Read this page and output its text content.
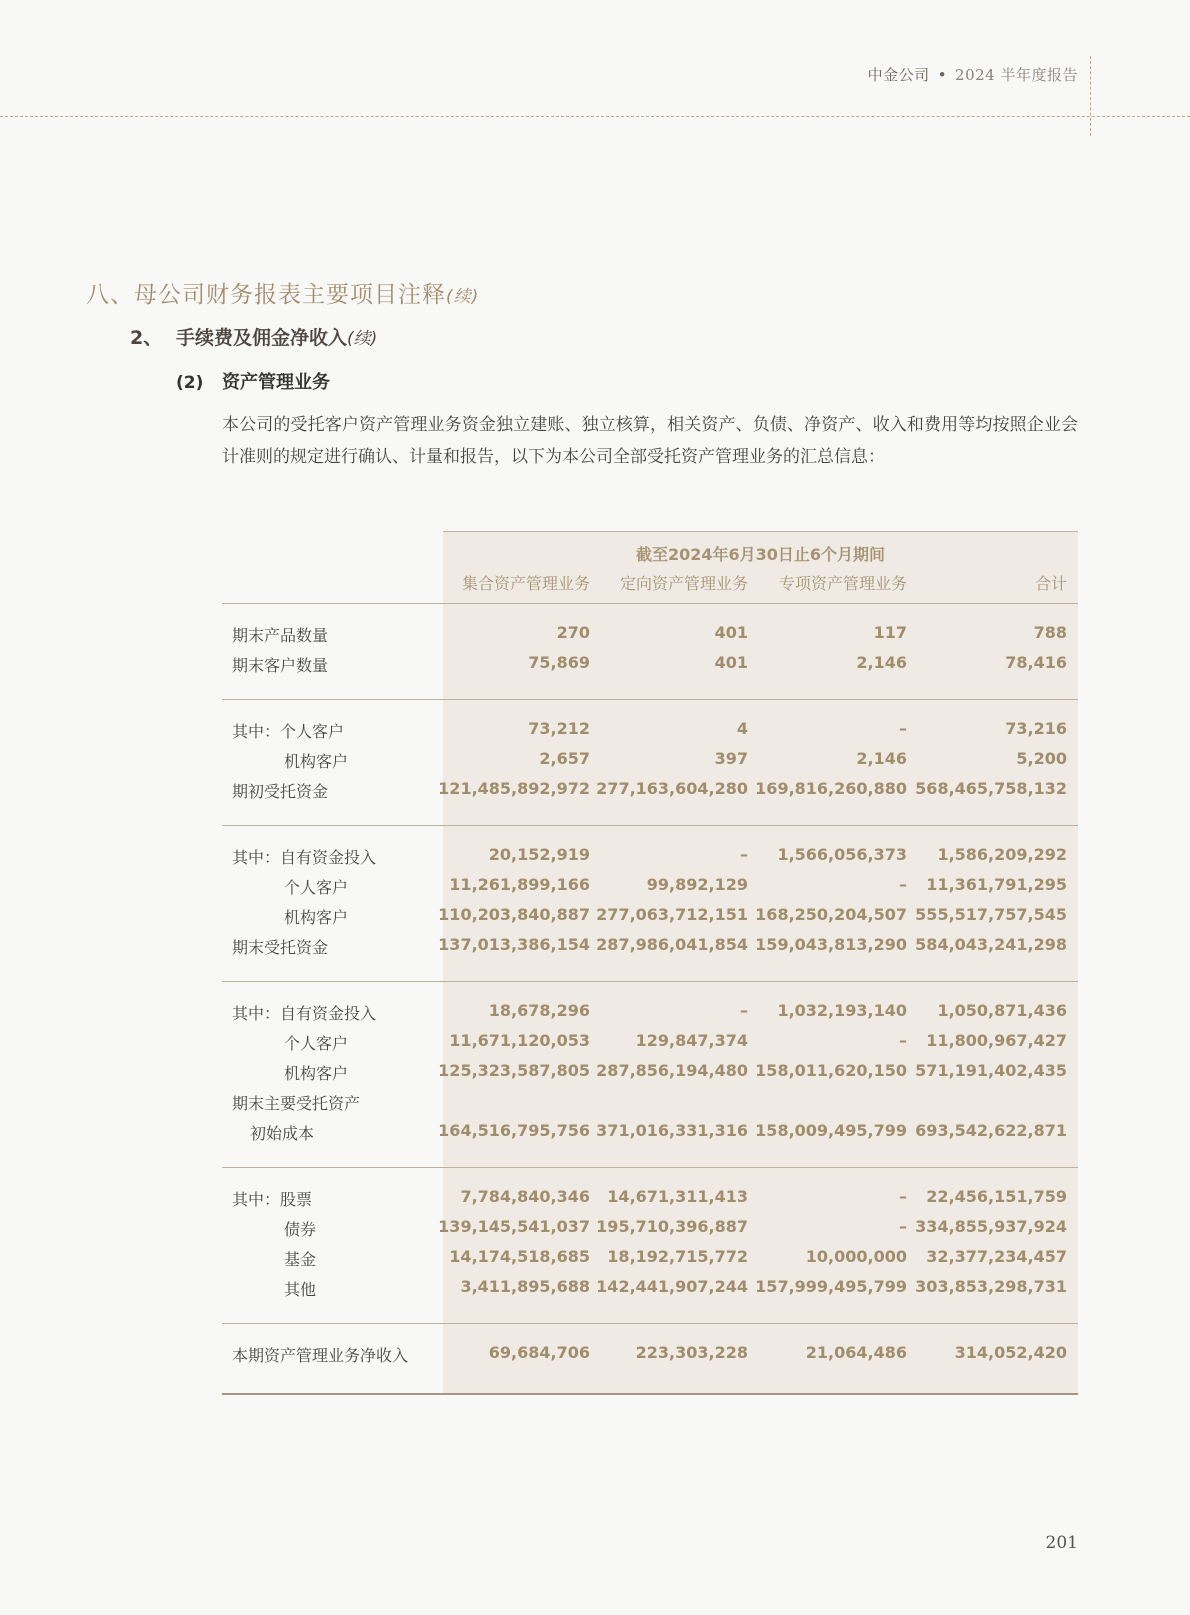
中金公司 • 2024 半年度报告
八、母公司财务报表主要项目注释(续)
2、 手续费及佣金净收入(续)
(2) 资产管理业务
本公司的受托客户资产管理业务资金独立建账、独立核算，相关资产、负债、净资产、收入和费用等均按照企业会计准则的规定进行确认、计量和报告，以下为本公司全部受托资产管理业务的汇总信息：
截至2024年6月30日止6个月期间
集合资产管理业务 定向资产管理业务 专项资产管理业务	合计
期末产品数量	270	401	117	788
期末客户数量	75,869	401	2,146	78,416
其中：个人客户	73,212	4	–	73,216
机构客户	2,657	397	2,146	5,200
期初受托资金	121,485,892,972 277,163,604,280 169,816,260,880 568,465,758,132
其中：自有资金投入	20,152,919	–	1,566,056,373	1,586,209,292
个人客户	11,261,899,166	99,892,129	–	11,361,791,295
机构客户	110,203,840,887 277,063,712,151 168,250,204,507 555,517,757,545
期末受托资金	137,013,386,154 287,986,041,854 159,043,813,290 584,043,241,298
其中：自有资金投入	18,678,296	–	1,032,193,140	1,050,871,436
个人客户	11,671,120,053	129,847,374	–	11,800,967,427
机构客户	125,323,587,805 287,856,194,480 158,011,620,150 571,191,402,435
期末主要受托资产
初始成本	164,516,795,756 371,016,331,316 158,009,495,799 693,542,622,871
其中：股票	7,784,840,346	14,671,311,413	–	22,456,151,759
债券	139,145,541,037 195,710,396,887	– 334,855,937,924
基金	14,174,518,685	18,192,715,772	10,000,000	32,377,234,457
其他	3,411,895,688 142,441,907,244 157,999,495,799 303,853,298,731
本期资产管理业务净收入	69,684,706	223,303,228	21,064,486	314,052,420
201
